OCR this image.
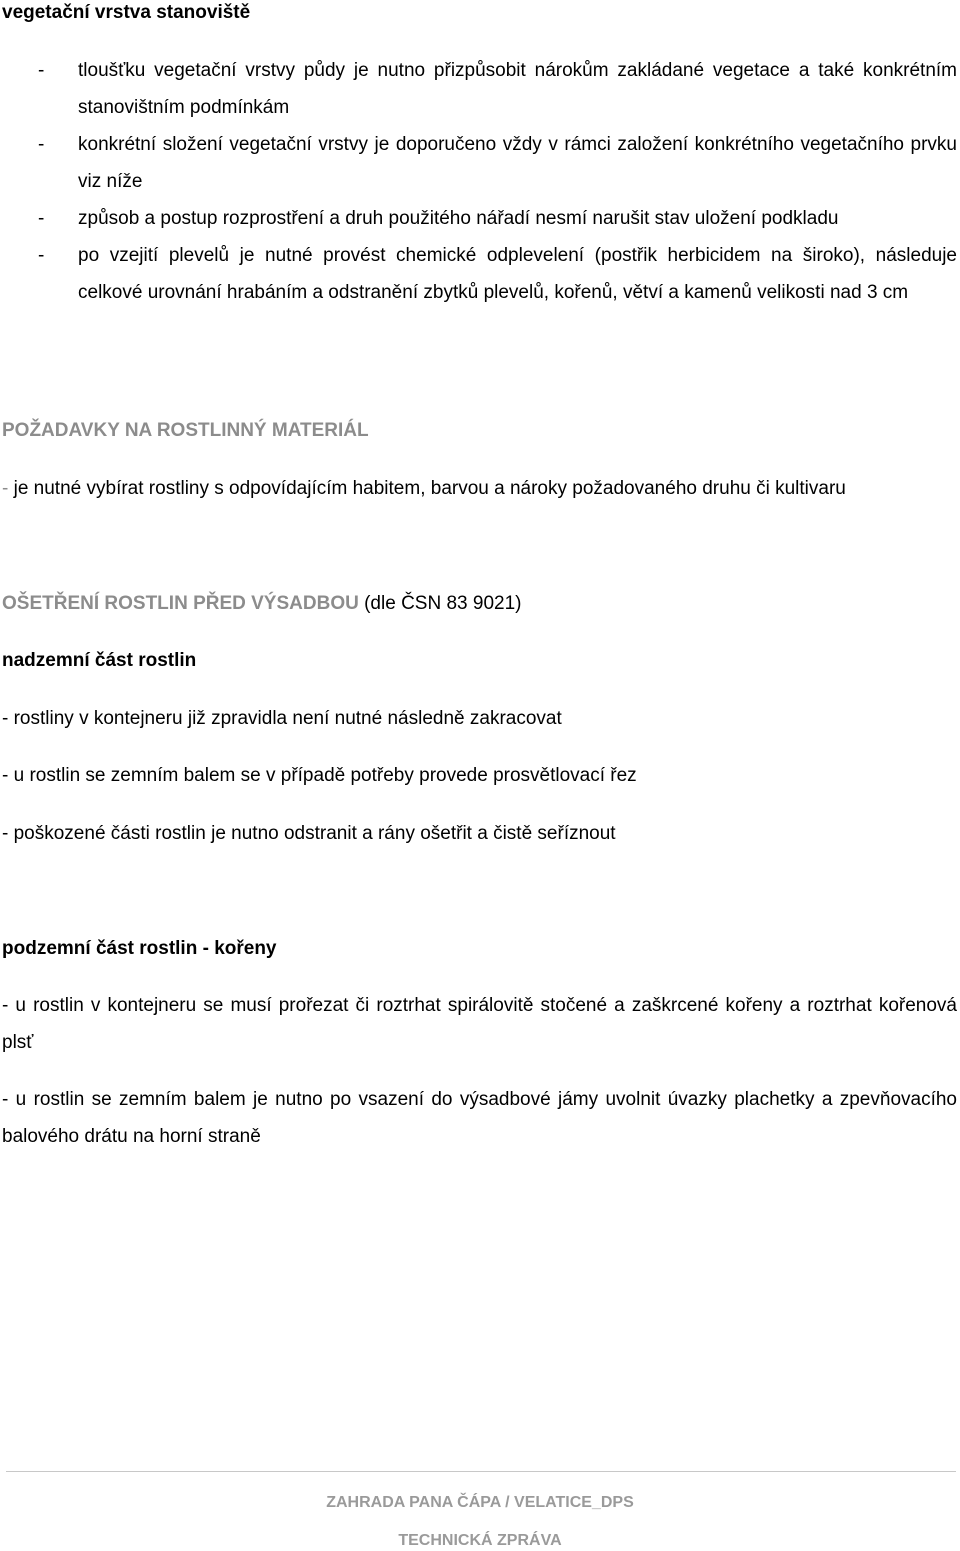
vegetační vrstva stanoviště
- tloušťku vegetační vrstvy půdy je nutno přizpůsobit nárokům zakládané vegetace a také konkrétním stanovištním podmínkám
- konkrétní složení vegetační vrstvy je doporučeno vždy v rámci založení konkrétního vegetačního prvku viz níže
- způsob a postup rozprostření a druh použitého nářadí nesmí narušit stav uložení podkladu
- po vzejití plevelů je nutné provést chemické odplevelení (postřik herbicidem na široko), následuje celkové urovnání hrabáním a odstranění zbytků plevelů, kořenů, větví a kamenů velikosti nad 3 cm

POŽADAVKY NA ROSTLINNÝ MATERIÁL

- je nutné vybírat rostliny s odpovídajícím habitem, barvou a nároky požadovaného druhu či kultivaru

OŠETŘENÍ ROSTLIN PŘED VÝSADBOU (dle ČSN 83 9021)

nadzemní část rostlin

- rostliny v kontejneru již zpravidla není nutné následně zakracovat

- u rostlin se zemním balem se v případě potřeby provede prosvětlovací řez

- poškozené části rostlin je nutno odstranit a rány ošetřit a čistě seříznout

podzemní část rostlin - kořeny

- u rostlin v kontejneru se musí prořezat či roztrhat spirálovitě stočené a zaškrcené kořeny a roztrhat kořenová plsť

- u rostlin se zemním balem je nutno po vsazení do výsadbové jámy uvolnit úvazky plachetky a zpevňovacího balového drátu na horní straně

ZAHRADA PANA ČÁPA / VELATICE_DPS

TECHNICKÁ ZPRÁVA
